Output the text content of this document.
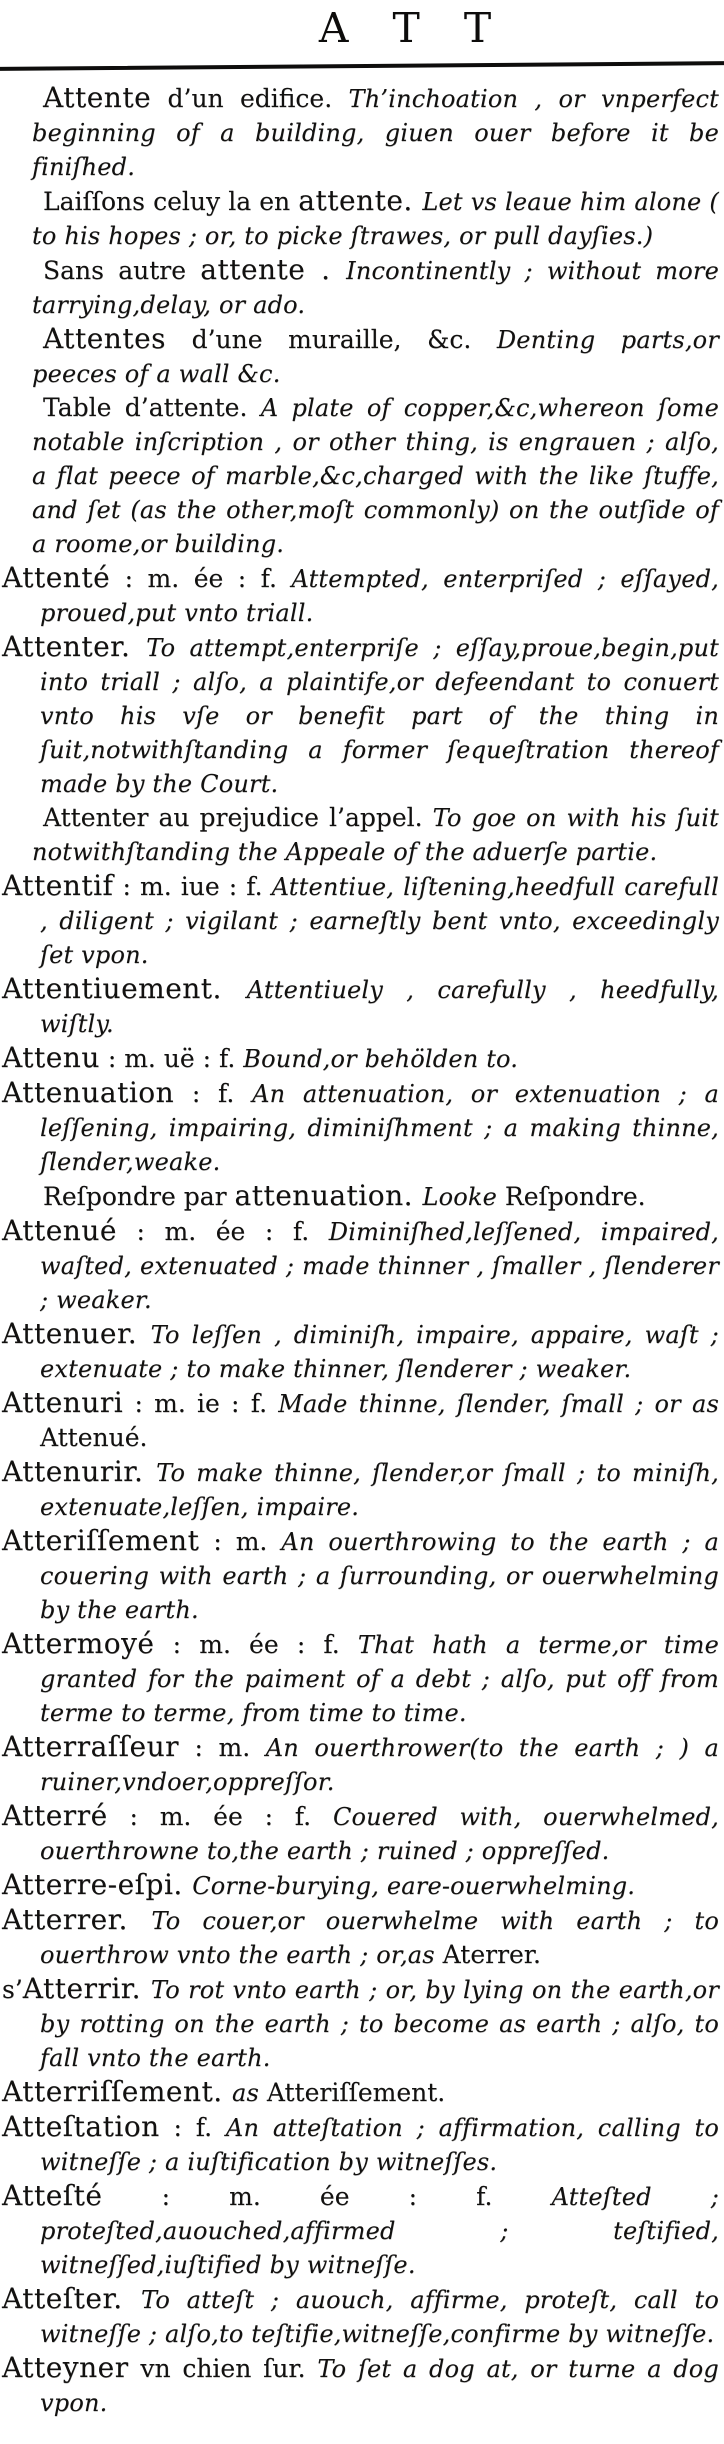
A T T

Attente d’un edifice. Th’inchoation , or vnperfect beginning of a building, giuen ouer before it be finiſhed.

Laiſſons celuy la en attente. Let vs leaue him alone ( to his hopes ; or, to picke ſtrawes, or pull dayſies.)

Sans autre attente . Incontinently ; without more tarrying,delay, or ado.

Attentes d’une muraille, &c. Denting parts,or peeces of a wall &c.

Table d’attente. A plate of copper,&c,whereon ſome notable inſcription , or other thing, is engrauen ; alſo, a flat peece of marble,&c,charged with the like ſtuffe, and ſet (as the other,moſt commonly) on the outſide of a roome,or building.

Attenté : m. ée : f. Attempted, enterpriſed ; eſſayed, proued,put vnto triall.

Attenter. To attempt,enterpriſe ; eſſay,proue,begin,put into triall ; alſo, a plaintife,or defeendant to conuert vnto his vſe or benefit part of the thing in ſuit,notwithſtanding a former ſequeſtration thereof made by the Court.

Attenter au prejudice l’appel. To goe on with his ſuit notwithſtanding the Appeale of the aduerſe partie.

Attentif : m. iue : f. Attentiue, liſtening,heedfull carefull , diligent ; vigilant ; earneſtly bent vnto, exceedingly ſet vpon.

Attentiuement. Attentiuely , carefully , heedfully, wiſtly.

Attenu : m. uë : f. Bound,or behölden to.

Attenuation : f. An attenuation, or extenuation ; a leſſening, impairing, diminiſhment ; a making thinne, ſlender,weake.

Reſpondre par attenuation. Looke Reſpondre.

Attenué : m. ée : f. Diminiſhed,leſſened, impaired, waſted, extenuated ; made thinner , ſmaller , ſlenderer ; weaker.

Attenuer. To leſſen , diminiſh, impaire, appaire, waſt ; extenuate ; to make thinner, ſlenderer ; weaker.

Attenuri : m. ie : f. Made thinne, ſlender, ſmall ; or as Attenué.

Attenurir. To make thinne, ſlender,or ſmall ; to miniſh, extenuate,leſſen, impaire.

Atteriſſement : m. An ouerthrowing to the earth ; a couering with earth ; a ſurrounding, or ouerwhelming by the earth.

Attermoyé : m. ée : f. That hath a terme,or time granted for the paiment of a debt ; alſo, put off from terme to terme, from time to time.

Atterraſſeur : m. An ouerthrower(to the earth ; ) a ruiner,vndoer,oppreſſor.

Atterré : m. ée : f. Couered with, ouerwhelmed, ouerthrowne to,the earth ; ruined ; oppreſſed.

Atterre-eſpi. Corne-burying, eare-ouerwhelming.

Atterrer. To couer,or ouerwhelme with earth ; to ouerthrow vnto the earth ; or,as Aterrer.

s’Atterrir. To rot vnto earth ; or, by lying on the earth,or by rotting on the earth ; to become as earth ; alſo, to fall vnto the earth.

Atterriſſement. as Atteriſſement.

Atteſtation : f. An atteſtation ; affirmation, calling to witneſſe ; a iuſtification by witneſſes.

Atteſté : m. ée : f. Atteſted ; proteſted,auouched,affirmed ; teſtified, witneſſed,iuſtified by witneſſe.

Atteſter. To atteſt ; auouch, affirme, proteſt, call to witneſſe ; alſo,to teſtifie,witneſſe,confirme by witneſſe.

Atteyner vn chien ſur. To ſet a dog at, or turne a dog vpon.
